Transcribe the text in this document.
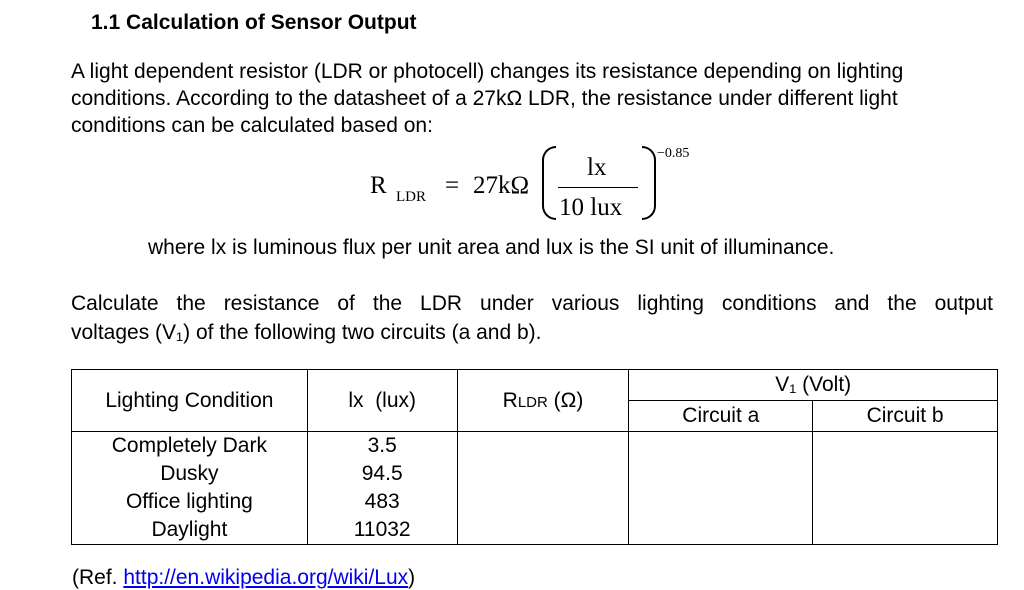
1.1 Calculation of Sensor Output
A light dependent resistor (LDR or photocell) changes its resistance depending on lighting conditions. According to the datasheet of a 27kΩ LDR, the resistance under different light conditions can be calculated based on:
R LDR = 27kΩ
lx
10 lux
−0.85
where lx is luminous flux per unit area and lux is the SI unit of illuminance.
Calculate the resistance of the LDR under various lighting conditions and the output
voltages (V₁) of the following two circuits (a and b).
Lighting Condition	lx  (lux)	RLDR (Ω)	V₁ (Volt)	
			Circuit a	Circuit b
Completely Dark	3.5			
Dusky	94.5			
Office lighting	483			
Daylight	11032			
(Ref. http://en.wikipedia.org/wiki/Lux)
